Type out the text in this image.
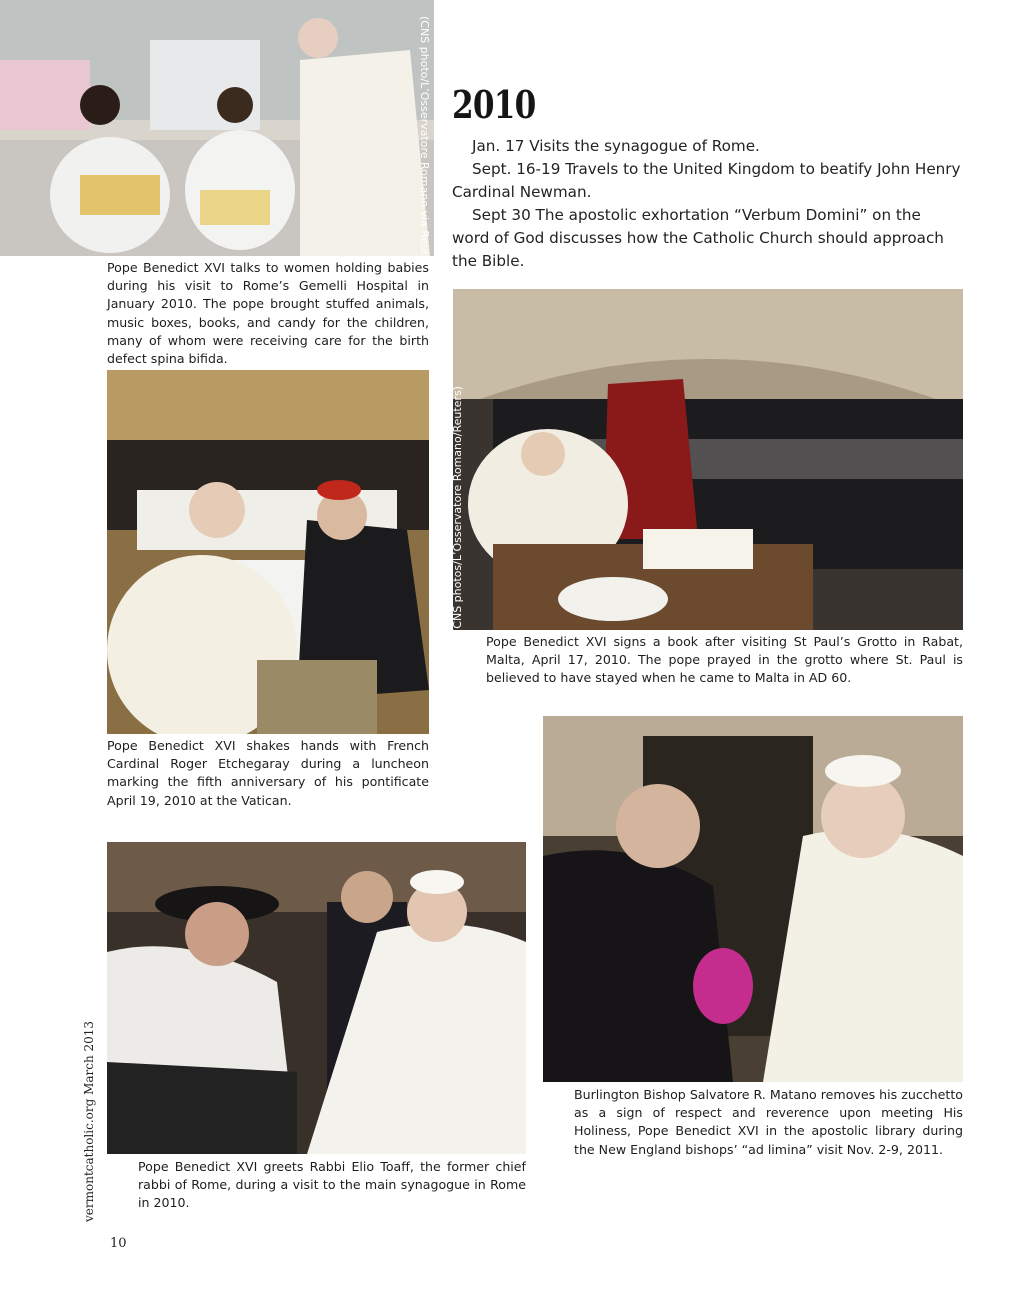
(CNS photo/L’Osservatore Romano via Reuters)
Pope Benedict XVI talks to women holding babies during his visit to Rome’s Gemelli Hospital in January 2010. The pope brought stuffed animals, music boxes, books, and candy for the children, many of whom were receiving care for the birth defect spina bifida.
2010

Jan. 17 Visits the synagogue of Rome.

Sept. 16-19 Travels to the United Kingdom to beatify John Henry Cardinal Newman.

Sept 30 The apostolic exhortation “Verbum Domini” on the word of God discusses how the Catholic Church should approach the Bible.

(CNS photos/L’Osservatore Romano/Reuters)
Pope Benedict XVI signs a book after visiting St Paul’s Grotto in Rabat, Malta, April 17, 2010. The pope prayed in the grotto where St. Paul is believed to have stayed when he came to Malta in AD 60.
Pope Benedict XVI shakes hands with French Cardinal Roger Etchegaray during a luncheon marking the fifth anniversary of his pontificate April 19, 2010 at the Vatican.
Burlington Bishop Salvatore R. Matano removes his zucchetto as a sign of respect and reverence upon meeting His Holiness, Pope Benedict XVI in the apostolic library during the New England bishops’ “ad limina” visit Nov. 2-9, 2011.
Pope Benedict XVI greets Rabbi Elio Toaff, the former chief rabbi of Rome, during a visit to the main synagogue in Rome in 2010.
vermontcatholic.org March 2013
10
